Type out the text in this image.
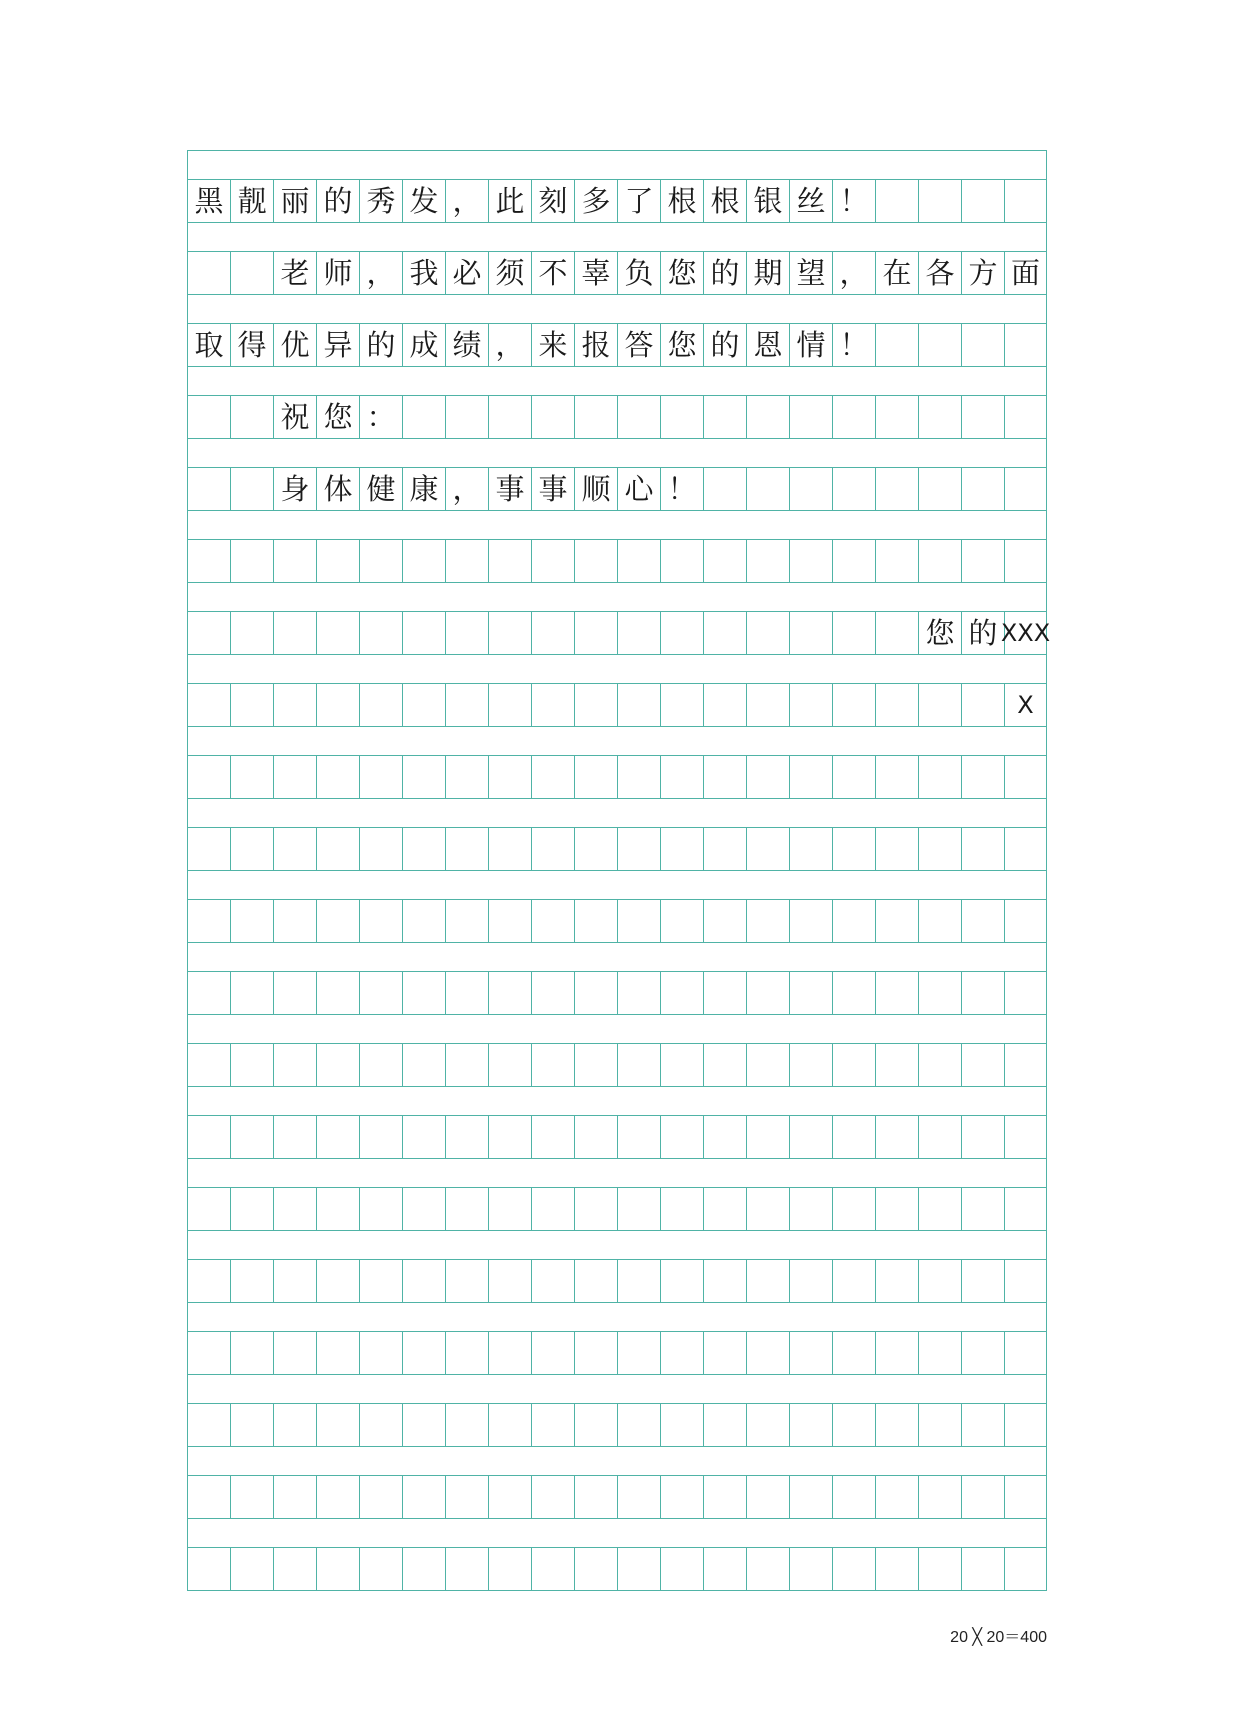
黑 靓 丽 的 秀 发 ， 此 刻 多 了 根 根 银 丝 ！
老 师 ， 我 必 须 不 辜 负 您 的 期 望 ， 在 各 方 面
取 得 优 异 的 成 绩 ， 来 报 答 您 的 恩 情 ！
祝 您 ：
身 体 健 康 ， 事 事 顺 心 ！
您 的 XXX
X
20 ╳ 20＝400
